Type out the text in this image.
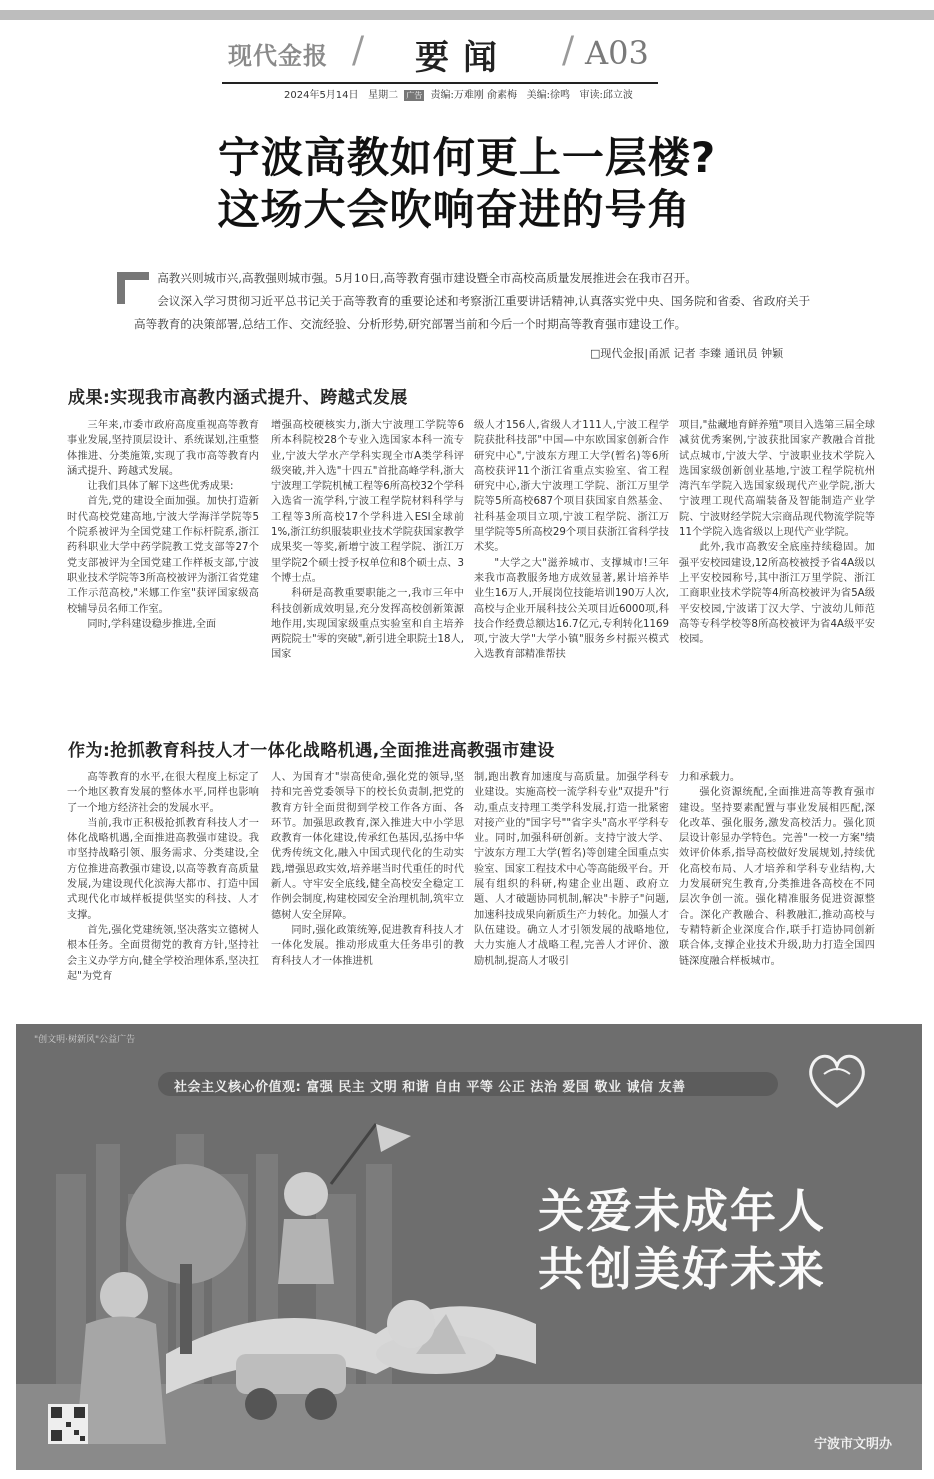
现代金报 / 要闻 / A03
2024年5月14日 星期二 广告 责编:万难刚 俞素梅 美编:徐鸣 审读:邱立波
宁波高教如何更上一层楼?
这场大会吹响奋进的号角

高教兴则城市兴,高教强则城市强。5月10日,高等教育强市建设暨全市高校高质量发展推进会在我市召开。

会议深入学习贯彻习近平总书记关于高等教育的重要论述和考察浙江重要讲话精神,认真落实党中央、国务院和省委、省政府关于高等教育的决策部署,总结工作、交流经验、分析形势,研究部署当前和今后一个时期高等教育强市建设工作。

□现代金报|甬派 记者 李臻 通讯员 钟颖
成果:实现我市高教内涵式提升、跨越式发展

三年来,市委市政府高度重视高等教育事业发展,坚持顶层设计、系统谋划,注重整体推进、分类施策,实现了我市高等教育内涵式提升、跨越式发展。

让我们具体了解下这些优秀成果:

首先,党的建设全面加强。加快打造新时代高校党建高地,宁波大学海洋学院等5个院系被评为全国党建工作标杆院系,浙江药科职业大学中药学院教工党支部等27个党支部被评为全国党建工作样板支部,宁波职业技术学院等3所高校被评为浙江省党建工作示范高校,"米娜工作室"获评国家级高校辅导员名师工作室。

同时,学科建设稳步推进,全面

增强高校硬核实力,浙大宁波理工学院等6所本科院校28个专业入选国家本科一流专业,宁波大学水产学科实现全市A类学科评级突破,并入选"十四五"首批高峰学科,浙大宁波理工学院机械工程等6所高校32个学科入选省一流学科,宁波工程学院材料科学与工程等3所高校17个学科进入ESI全球前1%,浙江纺织服装职业技术学院获国家教学成果奖一等奖,新增宁波工程学院、浙江万里学院2个硕士授予权单位和8个硕士点、3个博士点。

科研是高教重要职能之一,我市三年中科技创新成效明显,充分发挥高校创新策源地作用,实现国家级重点实验室和自主培养两院院士"零的突破",新引进全职院士18人,国家

级人才156人,省级人才111人,宁波工程学院获批科技部"中国—中东欧国家创新合作研究中心",宁波东方理工大学(暂名)等6所高校获评11个浙江省重点实验室、省工程研究中心,浙大宁波理工学院、浙江万里学院等5所高校687个项目获国家自然基金、社科基金项目立项,宁波工程学院、浙江万里学院等5所高校29个项目获浙江省科学技术奖。

"大学之大"滋养城市、支撑城市!三年来我市高教服务地方成效显著,累计培养毕业生16万人,开展岗位技能培训190万人次,高校与企业开展科技公关项目近6000项,科技合作经费总额达16.7亿元,专利转化1169项,宁波大学"大学小镇"服务乡村振兴模式入选教育部精准帮扶

项目,"盐藏地育鲜养殖"项目入选第三届全球减贫优秀案例,宁波获批国家产教融合首批试点城市,宁波大学、宁波职业技术学院入选国家级创新创业基地,宁波工程学院杭州湾汽车学院入选国家级现代产业学院,浙大宁波理工现代高端装备及智能制造产业学院、宁波财经学院大宗商品现代物流学院等11个学院入选省级以上现代产业学院。

此外,我市高教安全底座持续稳固。加强平安校园建设,12所高校被授予省4A级以上平安校园称号,其中浙江万里学院、浙江工商职业技术学院等4所高校被评为省5A级平安校园,宁波诺丁汉大学、宁波幼儿师范高等专科学校等8所高校被评为省4A级平安校园。

作为:抢抓教育科技人才一体化战略机遇,全面推进高教强市建设

高等教育的水平,在很大程度上标定了一个地区教育发展的整体水平,同样也影响了一个地方经济社会的发展水平。

当前,我市正积极抢抓教育科技人才一体化战略机遇,全面推进高教强市建设。我市坚持战略引领、服务需求、分类建设,全方位推进高教强市建设,以高等教育高质量发展,为建设现代化滨海大都市、打造中国式现代化市域样板提供坚实的科技、人才支撑。

首先,强化党建统领,坚决落实立德树人根本任务。全面贯彻党的教育方针,坚持社会主义办学方向,健全学校治理体系,坚决扛起"为党育

人、为国育才"崇高使命,强化党的领导,坚持和完善党委领导下的校长负责制,把党的教育方针全面贯彻到学校工作各方面、各环节。加强思政教育,深入推进大中小学思政教育一体化建设,传承红色基因,弘扬中华优秀传统文化,融入中国式现代化的生动实践,增强思政实效,培养堪当时代重任的时代新人。守牢安全底线,健全高校安全稳定工作例会制度,构建校园安全治理机制,筑牢立德树人安全屏障。

同时,强化政策统筹,促进教育科技人才一体化发展。推动形成重大任务串引的教育科技人才一体推进机

制,跑出教育加速度与高质量。加强学科专业建设。实施高校一流学科专业"双提升"行动,重点支持理工类学科发展,打造一批紧密对接产业的"国字号""省字头"高水平学科专业。同时,加强科研创新。支持宁波大学、宁波东方理工大学(暂名)等创建全国重点实验室、国家工程技术中心等高能级平台。开展有组织的科研,构建企业出题、政府立题、人才破题协同机制,解决"卡脖子"问题,加速科技成果向新质生产力转化。加强人才队伍建设。确立人才引领发展的战略地位,大力实施人才战略工程,完善人才评价、激励机制,提高人才吸引

力和承载力。

强化资源统配,全面推进高等教育强市建设。坚持要素配置与事业发展相匹配,深化改革、强化服务,激发高校活力。强化顶层设计彰显办学特色。完善"一校一方案"绩效评价体系,指导高校做好发展规划,持续优化高校布局、人才培养和学科专业结构,大力发展研究生教育,分类推进各高校在不同层次争创一流。强化精准服务促进资源整合。深化产教融合、科教融汇,推动高校与专精特新企业深度合作,联手打造协同创新联合体,支撑企业技术升级,助力打造全国四链深度融合样板城市。

"创文明·树新风"公益广告
社会主义核心价值观: 富强 民主 文明 和谐 自由 平等 公正 法治 爱国 敬业 诚信 友善
关爱未成年人
共创美好未来
宁波市文明办
